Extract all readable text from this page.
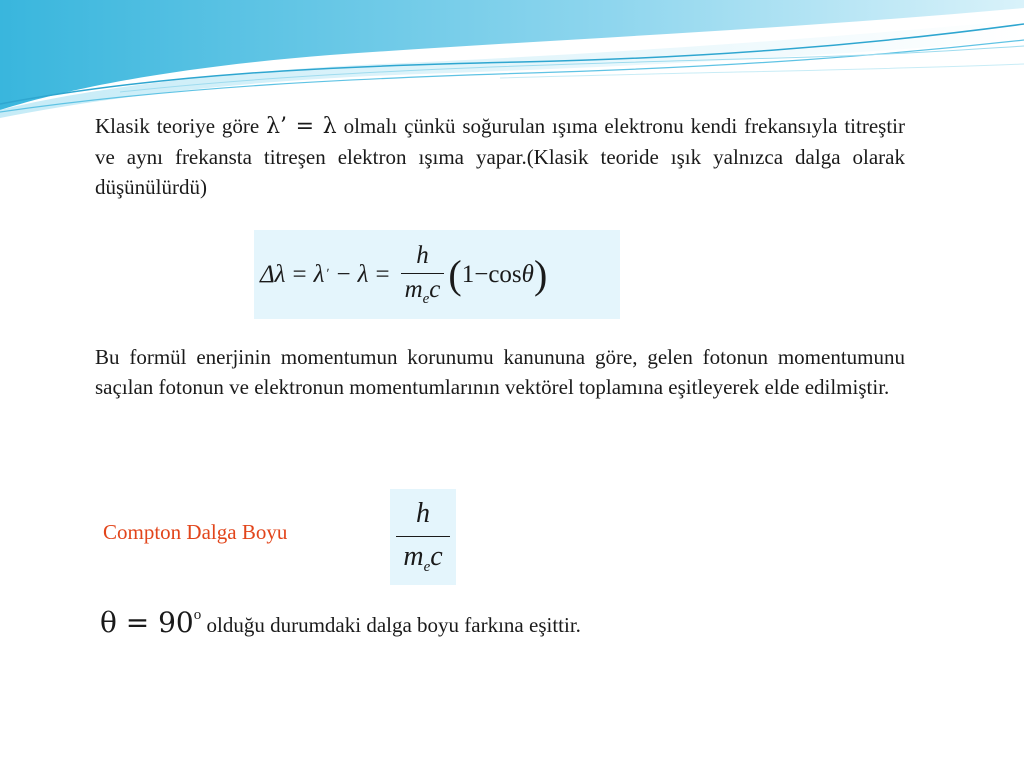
Klasik teoriye göre λ’ = λ olmalı çünkü soğurulan ışıma elektronu kendi frekansıyla titreştir ve aynı frekansta titreşen elektron ışıma yapar.(Klasik teoride ışık yalnızca dalga olarak düşünülürdü)
Δλ = λ ʹ − $\lambda = \frac{h}{m_ec}$ ( 1−cos θ )
Bu formül enerjinin momentumun korunumu kanununa göre, gelen fotonun momentumunu saçılan fotonun ve elektronun momentumlarının vektörel toplamına eşitleyerek elde edilmiştir.
Compton Dalga Boyu
h
$m_ec$
$\theta = 90^o$ olduğu durumdaki dalga boyu farkına eşittir.
